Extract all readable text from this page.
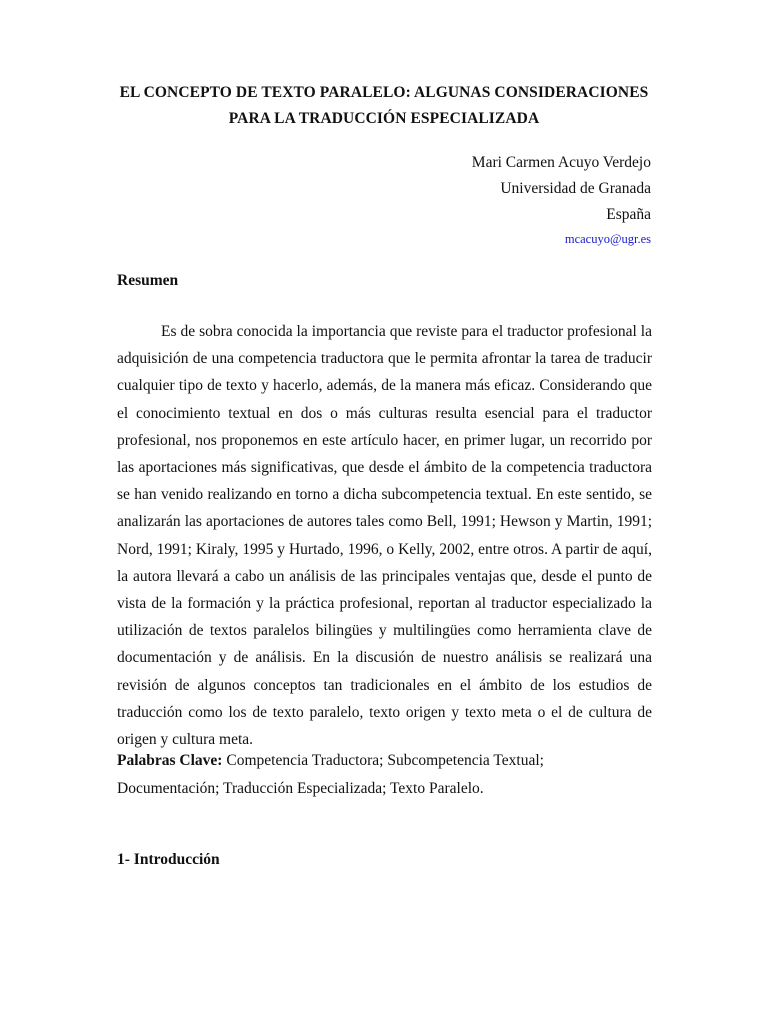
EL CONCEPTO DE TEXTO PARALELO: ALGUNAS CONSIDERACIONES
PARA LA TRADUCCIÓN ESPECIALIZADA
Mari Carmen Acuyo Verdejo
Universidad de Granada
España
mcacuyo@ugr.es
Resumen

Es de sobra conocida la importancia que reviste para el traductor profesional la adquisición de una competencia traductora que le permita afrontar la tarea de traducir cualquier tipo de texto y hacerlo, además, de la manera más eficaz. Considerando que el conocimiento textual en dos o más culturas resulta esencial para el traductor profesional, nos proponemos en este artículo hacer, en primer lugar, un recorrido por las aportaciones más significativas, que desde el ámbito de la competencia traductora se han venido realizando en torno a dicha subcompetencia textual. En este sentido, se analizarán las aportaciones de autores tales como Bell, 1991; Hewson y Martin, 1991; Nord, 1991; Kiraly, 1995 y Hurtado, 1996, o Kelly, 2002, entre otros. A partir de aquí, la autora llevará a cabo un análisis de las principales ventajas que, desde el punto de vista de la formación y la práctica profesional, reportan al traductor especializado la utilización de textos paralelos bilingües y multilingües como herramienta clave de documentación y de análisis. En la discusión de nuestro análisis se realizará una revisión de algunos conceptos tan tradicionales en el ámbito de los estudios de traducción como los de texto paralelo, texto origen y texto meta o el de cultura de origen y cultura meta.

Palabras Clave: Competencia Traductora; Subcompetencia Textual;
Documentación; Traducción Especializada; Texto Paralelo.
1- Introducción
